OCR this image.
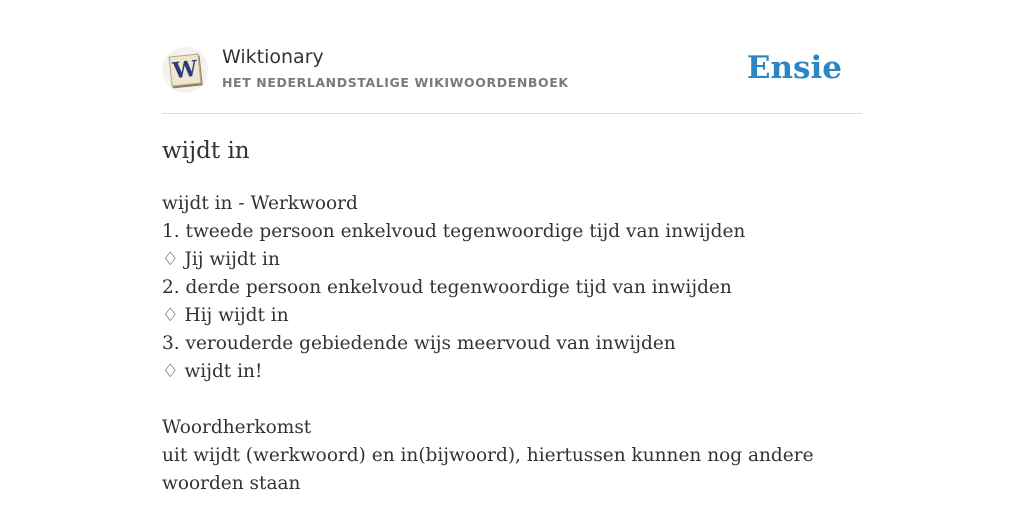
W Wiktionary
HET NEDERLANDSTALIGE WIKIWOORDENBOEK	Ensie
wijdt in
wijdt in - Werkwoord
1. tweede persoon enkelvoud tegenwoordige tijd van inwijden
♢ Jij wijdt in
2. derde persoon enkelvoud tegenwoordige tijd van inwijden
♢ Hij wijdt in
3. verouderde gebiedende wijs meervoud van inwijden
♢ wijdt in!
Woordherkomst
uit wijdt (werkwoord) en in(bijwoord), hiertussen kunnen nog andere woorden staan
